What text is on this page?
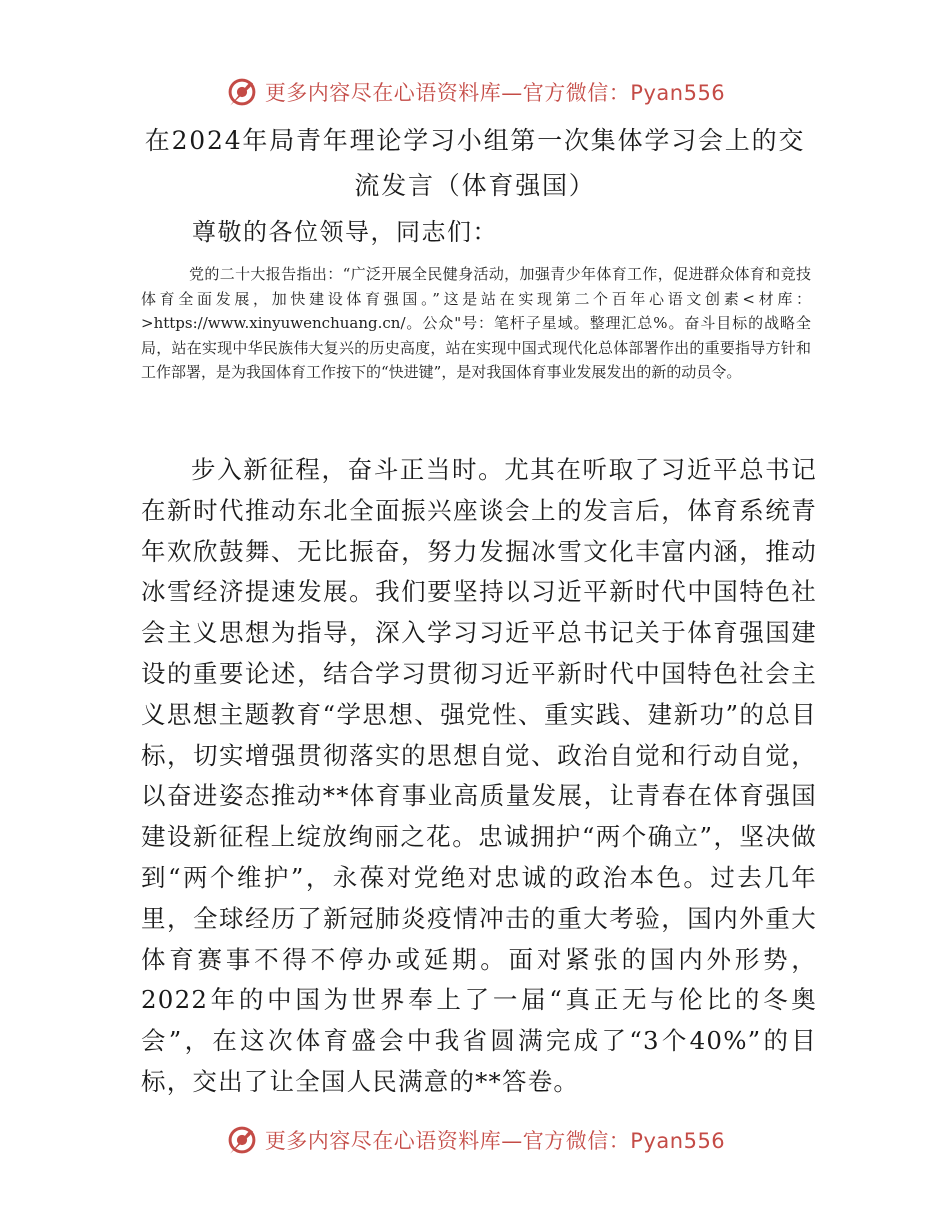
更多内容尽在心语资料库—官方微信：Pyan556
在2024年局青年理论学习小组第一次集体学习会上的交流发言（体育强国）

尊敬的各位领导，同志们：

党的二十大报告指出：“广泛开展全民健身活动，加强青少年体育工作，促进群众体育和竞技体育全面发展，加快建设体育强国。”这是站在实现第二个百年心语文创素<材库：>https://www.xinyuwenchuang.cn/。公众"号：笔杆子星域。整理汇总%。奋斗目标的战略全局，站在实现中华民族伟大复兴的历史高度，站在实现中国式现代化总体部署作出的重要指导方针和工作部署，是为我国体育工作按下的“快进键”，是对我国体育事业发展发出的新的动员令。

步入新征程，奋斗正当时。尤其在听取了习近平总书记在新时代推动东北全面振兴座谈会上的发言后，体育系统青年欢欣鼓舞、无比振奋，努力发掘冰雪文化丰富内涵，推动冰雪经济提速发展。我们要坚持以习近平新时代中国特色社会主义思想为指导，深入学习习近平总书记关于体育强国建设的重要论述，结合学习贯彻习近平新时代中国特色社会主义思想主题教育“学思想、强党性、重实践、建新功”的总目标，切实增强贯彻落实的思想自觉、政治自觉和行动自觉，以奋进姿态推动**体育事业高质量发展，让青春在体育强国建设新征程上绽放绚丽之花。忠诚拥护“两个确立”，坚决做到“两个维护”，永葆对党绝对忠诚的政治本色。过去几年里，全球经历了新冠肺炎疫情冲击的重大考验，国内外重大体育赛事不得不停办或延期。面对紧张的国内外形势，2022年的中国为世界奉上了一届“真正无与伦比的冬奥会”，在这次体育盛会中我省圆满完成了“3个40%”的目标，交出了让全国人民满意的**答卷。

更多内容尽在心语资料库—官方微信：Pyan556
